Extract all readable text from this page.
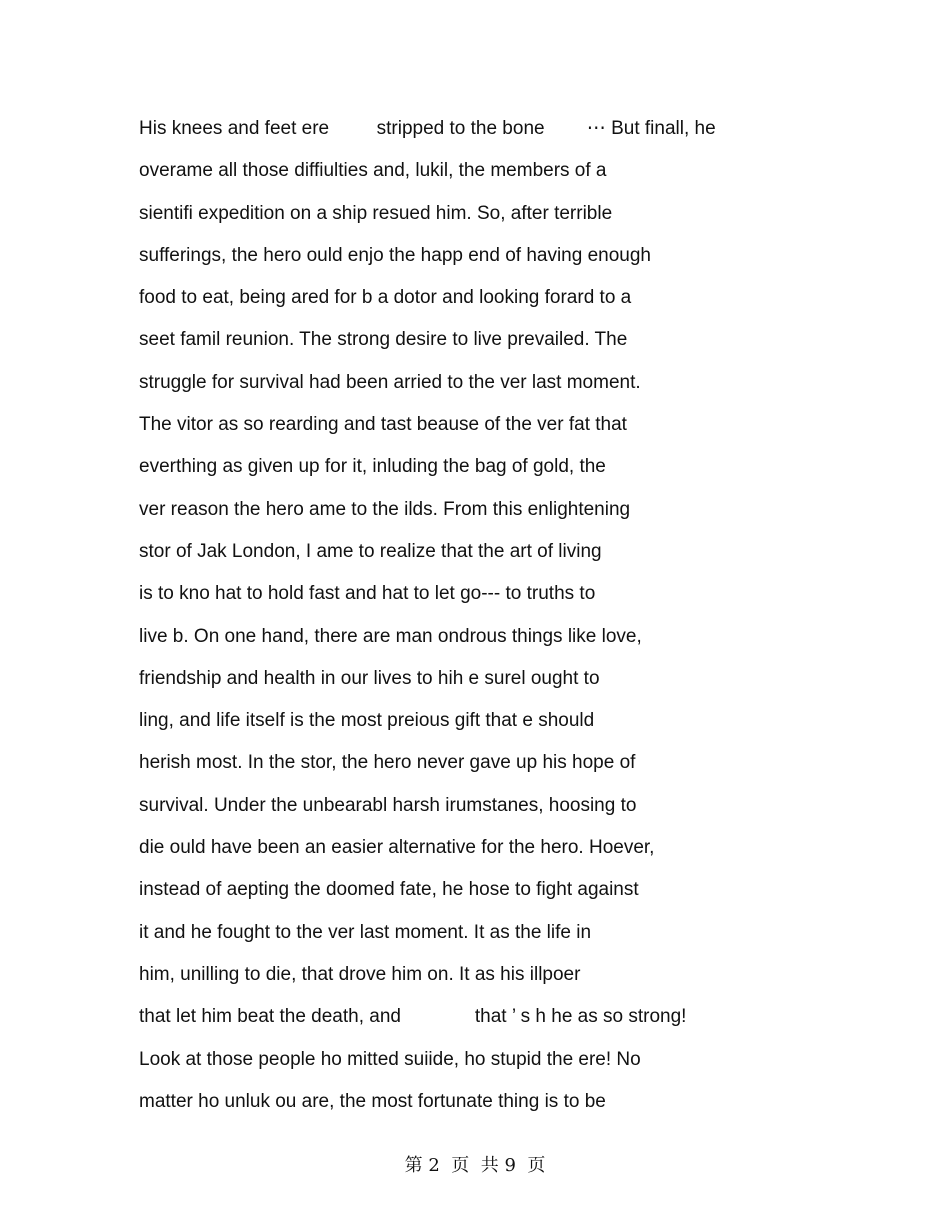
His knees and feet ere         stripped to the bone        ⋯ But finall, he
overame all those diffiulties and, lukil, the members of a
sientifi expedition on a ship resued him. So, after terrible
sufferings, the hero ould enjo the happ end of having enough
food to eat, being ared for b a dotor and looking forard to a
seet famil reunion. The strong desire to live prevailed. The
struggle for survival had been arried to the ver last moment.
The vitor as so rearding and tast beause of the ver fat that
everthing as given up for it, inluding the bag of gold, the
ver reason the hero ame to the ilds. From this enlightening
stor of Jak London, I ame to realize that the art of living
is to kno hat to hold fast and hat to let go--- to truths to
live b. On one hand, there are man ondrous things like love,
friendship and health in our lives to hih e surel ought to
ling, and life itself is the most preious gift that e should
herish most. In the stor, the hero never gave up his hope of
survival. Under the unbearabl harsh irumstanes, hoosing to
die ould have been an easier alternative for the hero. Hoever,
instead of aepting the doomed fate, he hose to fight against
it and he fought to the ver last moment. It as the life in
him, unilling to die, that drove him on. It as his illpoer
that let him beat the death, and              that ’ s h he as so strong!
Look at those people ho mitted suiide, ho stupid the ere! No
matter ho unluk ou are, the most fortunate thing is to be
第 2  页  共 9  页
